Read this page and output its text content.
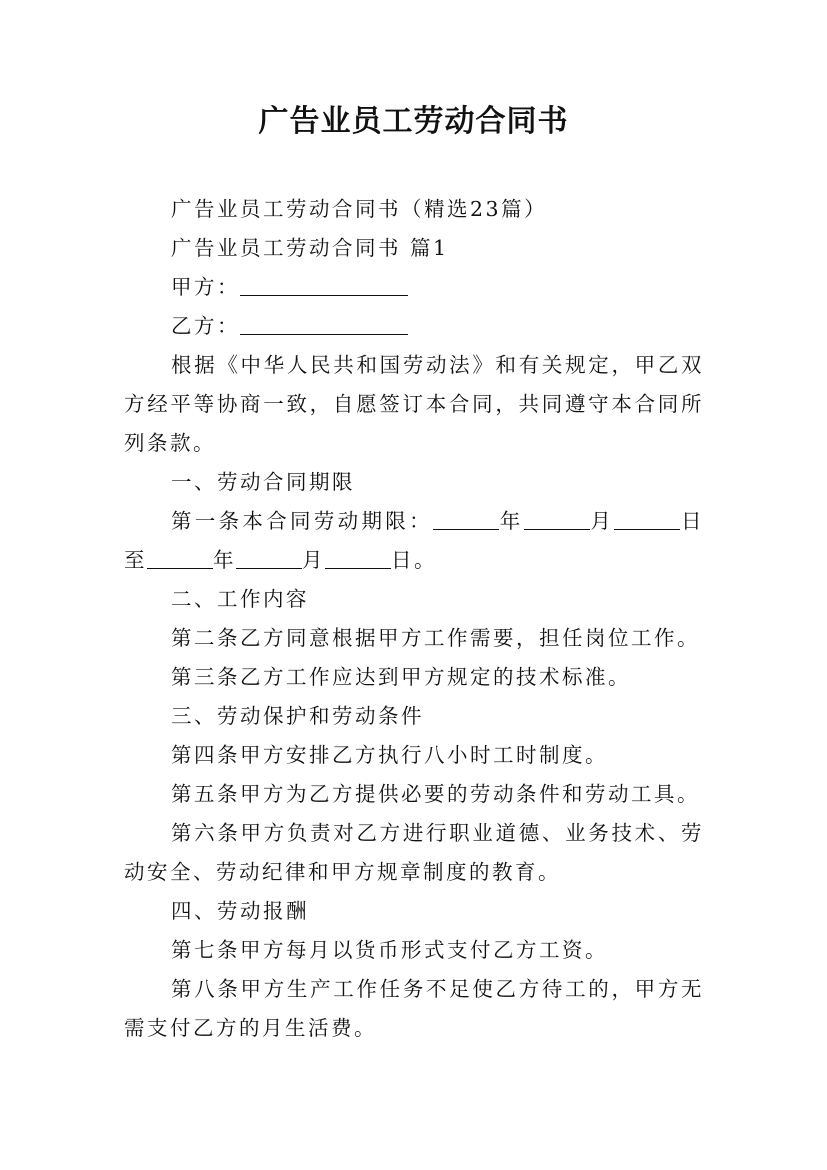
广告业员工劳动合同书

广告业员工劳动合同书（精选23篇）

广告业员工劳动合同书 篇1

甲方：

乙方：

根据《中华人民共和国劳动法》和有关规定，甲乙双方经平等协商一致，自愿签订本合同，共同遵守本合同所列条款。

一、劳动合同期限

第一条本合同劳动期限：	年	月	日至	年	月	日。

二、工作内容

第二条乙方同意根据甲方工作需要，担任岗位工作。

第三条乙方工作应达到甲方规定的技术标准。

三、劳动保护和劳动条件

第四条甲方安排乙方执行八小时工时制度。

第五条甲方为乙方提供必要的劳动条件和劳动工具。

第六条甲方负责对乙方进行职业道德、业务技术、劳动安全、劳动纪律和甲方规章制度的教育。

四、劳动报酬

第七条甲方每月以货币形式支付乙方工资。

第八条甲方生产工作任务不足使乙方待工的，甲方无需支付乙方的月生活费。
